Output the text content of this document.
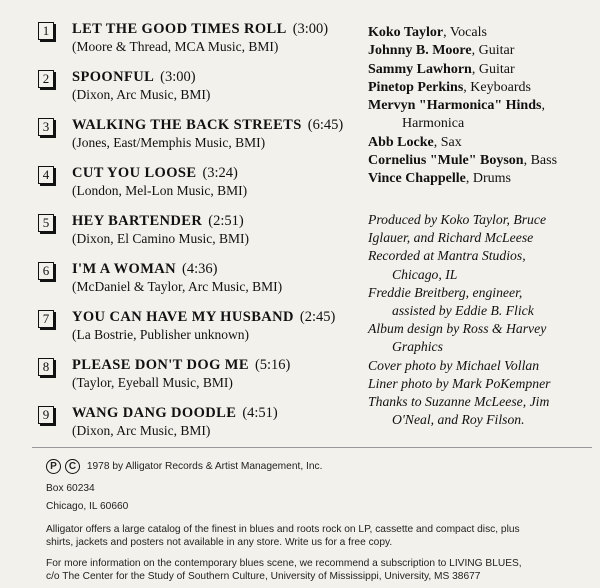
1	LET THE GOOD TIMES ROLL (3:00)
(Moore & Thread, MCA Music, BMI)
2	SPOONFUL (3:00)
(Dixon, Arc Music, BMI)
3	WALKING THE BACK STREETS (6:45)
(Jones, East/Memphis Music, BMI)
4	CUT YOU LOOSE (3:24)
(London, Mel-Lon Music, BMI)
5	HEY BARTENDER (2:51)
(Dixon, El Camino Music, BMI)
6	I'M A WOMAN (4:36)
(McDaniel & Taylor, Arc Music, BMI)
7	YOU CAN HAVE MY HUSBAND (2:45)
(La Bostrie, Publisher unknown)
8	PLEASE DON'T DOG ME (5:16)
(Taylor, Eyeball Music, BMI)
9	WANG DANG DOODLE (4:51)
(Dixon, Arc Music, BMI)
Koko Taylor, Vocals
Johnny B. Moore, Guitar
Sammy Lawhorn, Guitar
Pinetop Perkins, Keyboards
Mervyn "Harmonica" Hinds,
Harmonica
Abb Locke, Sax
Cornelius "Mule" Boyson, Bass
Vince Chappelle, Drums
Produced by Koko Taylor, Bruce
Iglauer, and Richard McLeese
Recorded at Mantra Studios,
Chicago, IL
Freddie Breitberg, engineer,
assisted by Eddie B. Flick
Album design by Ross & Harvey
Graphics
Cover photo by Michael Vollan
Liner photo by Mark PoKempner
Thanks to Suzanne McLeese, Jim
O'Neal, and Roy Filson.
P C 1978 by Alligator Records & Artist Management, Inc.
Box 60234
Chicago, IL 60660
Alligator offers a large catalog of the finest in blues and roots rock on LP, cassette and compact disc, plus
shirts, jackets and posters not available in any store. Write us for a free copy.
For more information on the contemporary blues scene, we recommend a subscription to LIVING BLUES,
c/o The Center for the Study of Southern Culture, University of Mississippi, University, MS 38677
